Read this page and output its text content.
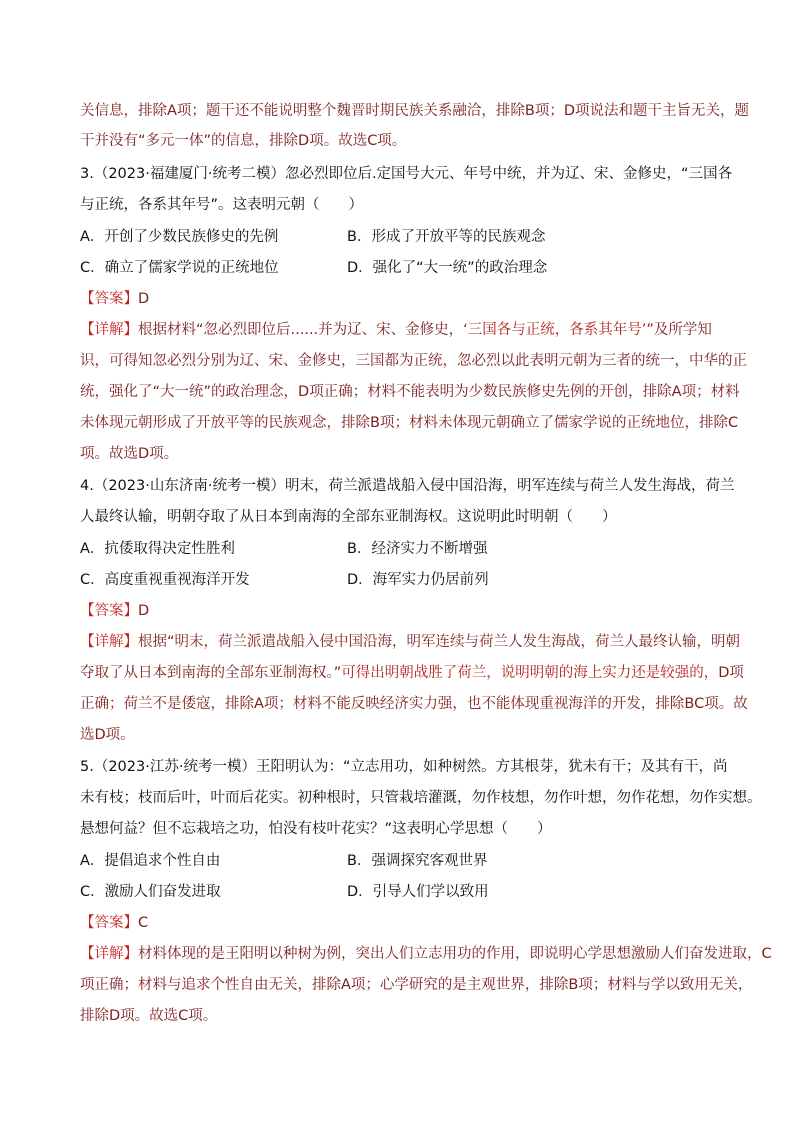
关信息，排除A项；题干还不能说明整个魏晋时期民族关系融洽，排除B项；D项说法和题干主旨无关，题
干并没有“多元一体”的信息，排除D项。故选C项。
3.（2023·福建厦门·统考二模）忽必烈即位后.定国号大元、年号中统，并为辽、宋、金修史，“三国各
与正统，各系其年号”。这表明元朝（　　）
A．开创了少数民族修史的先例	B．形成了开放平等的民族观念
C．确立了儒家学说的正统地位	D．强化了“大一统”的政治理念
【答案】D
【详解】根据材料“忽必烈即位后......并为辽、宋、金修史，‘三国各与正统，各系其年号’”及所学知
识，可得知忽必烈分别为辽、宋、金修史，三国都为正统，忽必烈以此表明元朝为三者的统一，中华的正
统，强化了“大一统”的政治理念，D项正确；材料不能表明为少数民族修史先例的开创，排除A项；材料
未体现元朝形成了开放平等的民族观念，排除B项；材料未体现元朝确立了儒家学说的正统地位，排除C
项。故选D项。
4.（2023·山东济南·统考一模）明末，荷兰派遣战船入侵中国沿海，明军连续与荷兰人发生海战，荷兰
人最终认输，明朝夺取了从日本到南海的全部东亚制海权。这说明此时明朝（　　）
A．抗倭取得决定性胜利	B．经济实力不断增强
C．高度重视重视海洋开发	D．海军实力仍居前列
【答案】D
【详解】根据“明末，荷兰派遣战船入侵中国沿海，明军连续与荷兰人发生海战，荷兰人最终认输，明朝
夺取了从日本到南海的全部东亚制海权。”可得出明朝战胜了荷兰，说明明朝的海上实力还是较强的，D项
正确；荷兰不是倭寇，排除A项；材料不能反映经济实力强，也不能体现重视海洋的开发，排除BC项。故
选D项。
5.（2023·江苏·统考一模）王阳明认为：“立志用功，如种树然。方其根芽，犹未有干；及其有干，尚
未有枝；枝而后叶，叶而后花实。初种根时，只管栽培灌溉，勿作枝想，勿作叶想，勿作花想，勿作实想。
悬想何益？但不忘栽培之功，怕没有枝叶花实？”这表明心学思想（　　）
A．提倡追求个性自由	B．强调探究客观世界
C．激励人们奋发进取	D．引导人们学以致用
【答案】C
【详解】材料体现的是王阳明以种树为例，突出人们立志用功的作用，即说明心学思想激励人们奋发进取，C
项正确；材料与追求个性自由无关，排除A项；心学研究的是主观世界，排除B项；材料与学以致用无关，
排除D项。故选C项。
